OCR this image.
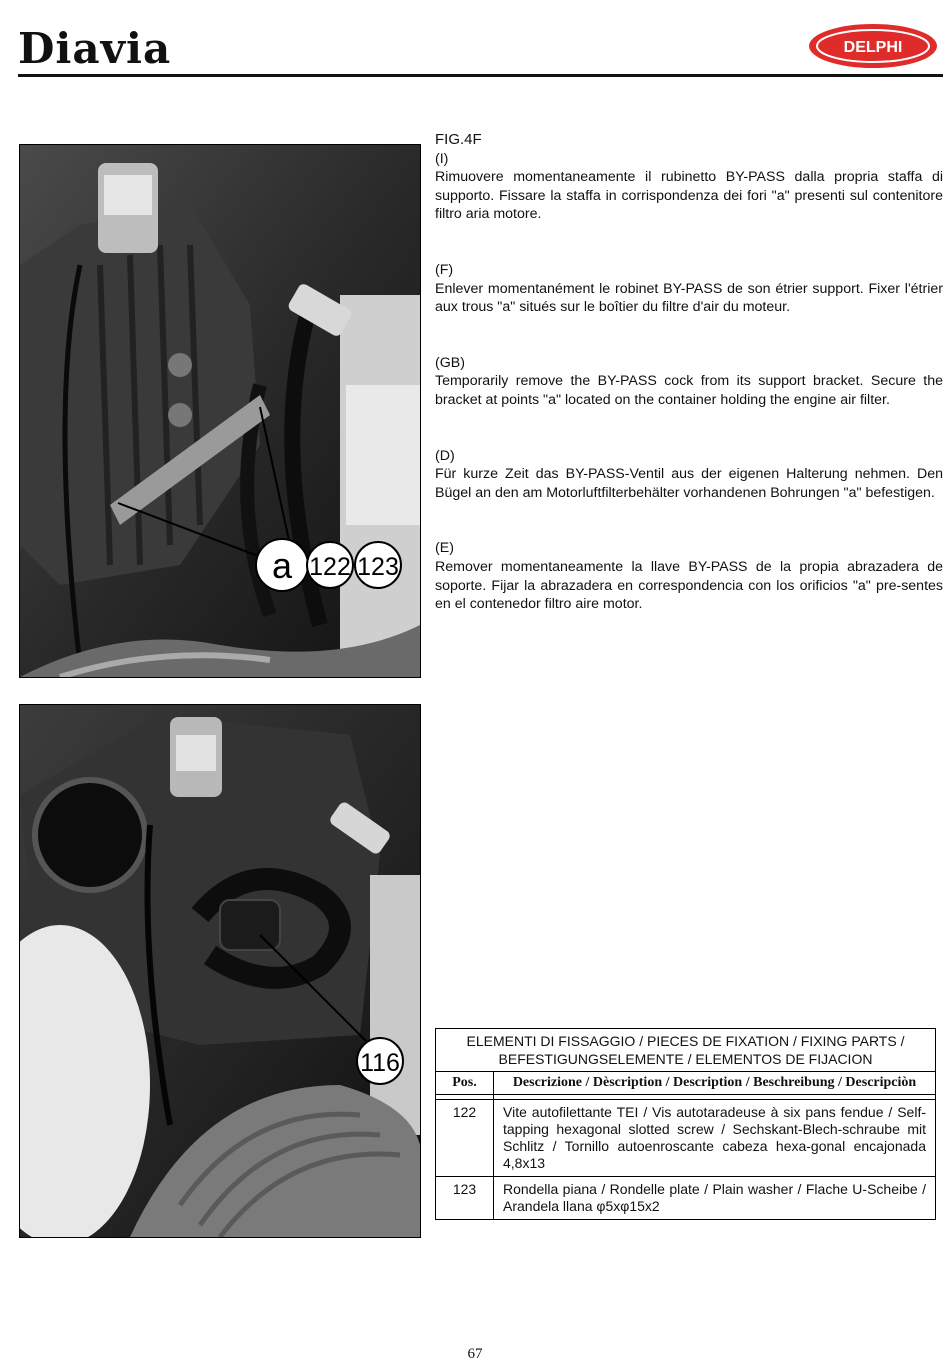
Diavia	DELPHI
a 122 123
116
FIG.4F

(I)
Rimuovere momentaneamente il rubinetto BY-PASS dalla propria staffa di supporto. Fissare la staffa in corrispondenza dei fori "a" presenti sul contenitore filtro aria motore.

(F)
Enlever momentanément le robinet BY-PASS de son étrier support. Fixer l'étrier aux trous "a" situés sur le boîtier du filtre d'air du moteur.

(GB)
Temporarily remove the BY-PASS cock from its support bracket. Secure the bracket at points "a" located on the container holding the engine air filter.

(D)
Für kurze Zeit das BY-PASS-Ventil aus der eigenen Halterung nehmen. Den Bügel an den am Motorluftfilterbehälter vorhandenen Bohrungen "a" befestigen.

(E)
Remover momentaneamente la llave BY-PASS de la propia abrazadera de soporte. Fijar la abrazadera en correspondencia con los orificios "a" pre-sentes en el contenedor filtro aire motor.

ELEMENTI DI FISSAGGIO / PIECES DE FIXATION / FIXING PARTS / BEFESTIGUNGSELEMENTE / ELEMENTOS DE FIJACION	
Pos.	Descrizione / Dèscription / Description / Beschreibung / Descripciòn

122	Vite autofilettante TEI / Vis autotaradeuse à six pans fendue / Self-tapping hexagonal slotted screw / Sechskant-Blech-schraube mit Schlitz / Tornillo autoenroscante cabeza hexa-gonal encajonada 4,8x13
123	Rondella piana / Rondelle plate / Plain washer / Flache U-Scheibe / Arandela llana φ5xφ15x2
67
